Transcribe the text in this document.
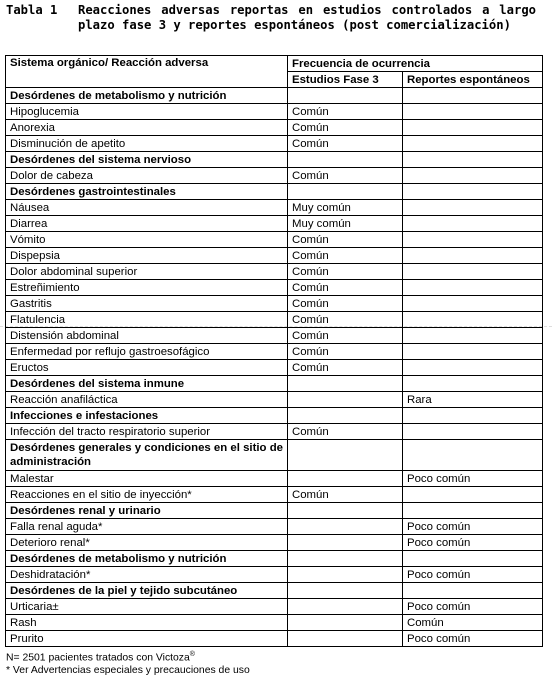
Tabla 1	Reacciones adversas reportas en estudios controlados a largo plazo fase 3 y reportes espontáneos (post comercialización)
Sistema orgánico/ Reacción adversa	Frecuencia de ocurrencia	
	Estudios Fase 3	Reportes espontáneos
Desórdenes de metabolismo y nutrición		
Hipoglucemia	Común	
Anorexia	Común	
Disminución de apetito	Común	
Desórdenes del sistema nervioso		
Dolor de cabeza	Común	
Desórdenes gastrointestinales		
Náusea	Muy común	
Diarrea	Muy común	
Vómito	Común	
Dispepsia	Común	
Dolor abdominal superior	Común	
Estreñimiento	Común	
Gastritis	Común	
Flatulencia	Común	
Distensión abdominal	Común	
Enfermedad por reflujo gastroesofágico	Común	
Eructos	Común	
Desórdenes del sistema inmune		
Reacción anafiláctica		Rara
Infecciones e infestaciones		
Infección del tracto respiratorio superior	Común	
Desórdenes generales y condiciones en el sitio de administración		
Malestar		Poco común
Reacciones en el sitio de inyección*	Común	
Desórdenes renal y urinario		
Falla renal aguda*		Poco común
Deterioro renal*		Poco común
Desórdenes de metabolismo y nutrición		
Deshidratación*		Poco común
Desórdenes de la piel y tejido subcutáneo		
Urticaria±		Poco común
Rash		Común
Prurito		Poco común
N= 2501 pacientes tratados con Victoza®
* Ver Advertencias especiales y precauciones de uso
